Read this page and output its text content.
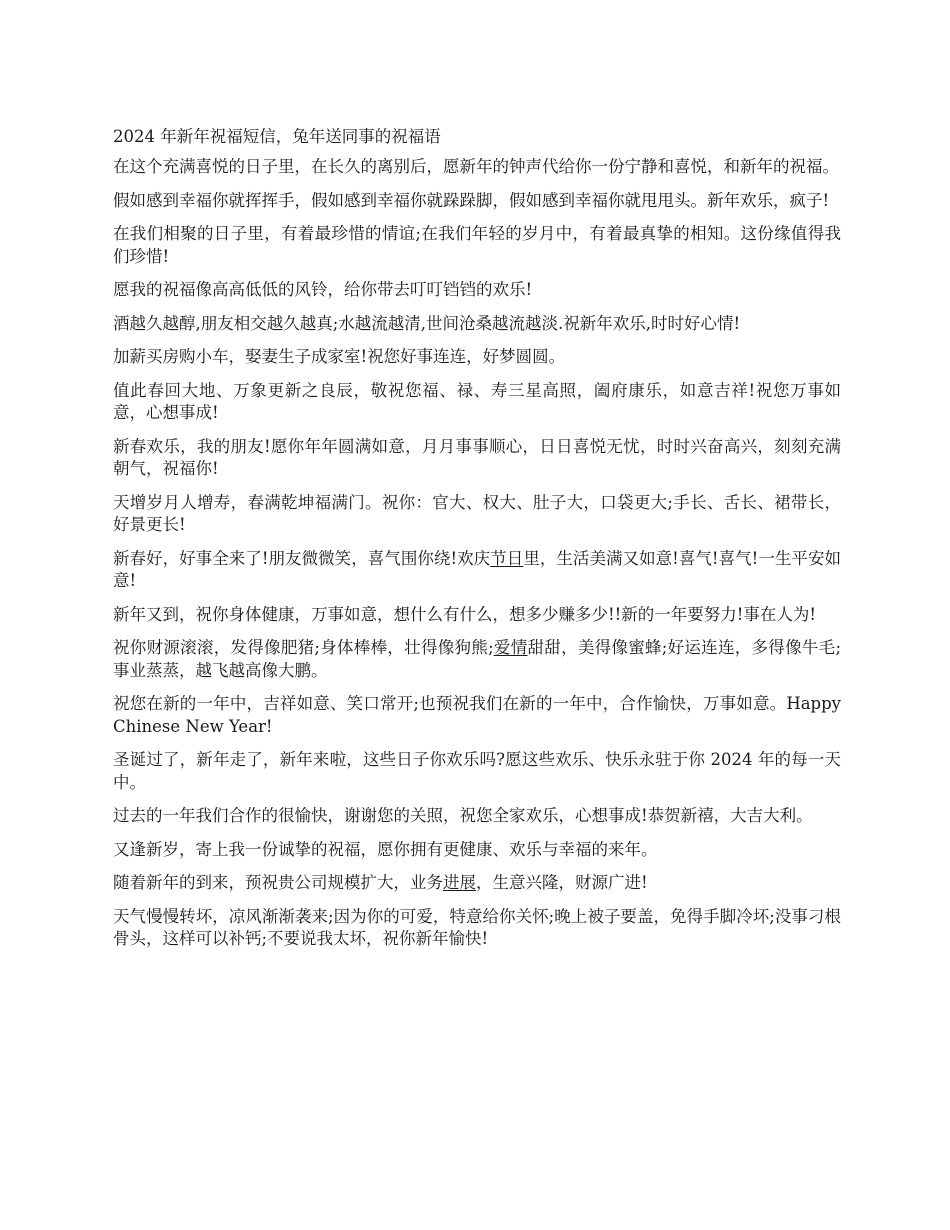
2024 年新年祝福短信，兔年送同事的祝福语

在这个充满喜悦的日子里，在长久的离别后，愿新年的钟声代给你一份宁静和喜悦，和新年的祝福。

假如感到幸福你就挥挥手，假如感到幸福你就跺跺脚，假如感到幸福你就甩甩头。新年欢乐，疯子!

在我们相聚的日子里，有着最珍惜的情谊;在我们年轻的岁月中，有着最真挚的相知。这份缘值得我们珍惜!

愿我的祝福像高高低低的风铃，给你带去叮叮铛铛的欢乐!

酒越久越醇,朋友相交越久越真;水越流越清,世间沧桑越流越淡.祝新年欢乐,时时好心情!

加薪买房购小车，娶妻生子成家室!祝您好事连连，好梦圆圆。

值此春回大地、万象更新之良辰，敬祝您福、禄、寿三星高照，阖府康乐，如意吉祥!祝您万事如意，心想事成!

新春欢乐，我的朋友!愿你年年圆满如意，月月事事顺心，日日喜悦无忧，时时兴奋高兴，刻刻充满朝气，祝福你!

天增岁月人增寿，春满乾坤福满门。祝你：官大、权大、肚子大，口袋更大;手长、舌长、裙带长，好景更长!

新春好，好事全来了!朋友微微笑，喜气围你绕!欢庆节日里，生活美满又如意!喜气!喜气!一生平安如意!

新年又到，祝你身体健康，万事如意，想什么有什么，想多少赚多少!!新的一年要努力!事在人为!

祝你财源滚滚，发得像肥猪;身体棒棒，壮得像狗熊;爱情甜甜，美得像蜜蜂;好运连连，多得像牛毛;事业蒸蒸，越飞越高像大鹏。

祝您在新的一年中，吉祥如意、笑口常开;也预祝我们在新的一年中，合作愉快，万事如意。Happy Chinese New Year!

圣诞过了，新年走了，新年来啦，这些日子你欢乐吗?愿这些欢乐、快乐永驻于你 2024 年的每一天中。

过去的一年我们合作的很愉快，谢谢您的关照，祝您全家欢乐，心想事成!恭贺新禧，大吉大利。

又逢新岁，寄上我一份诚挚的祝福，愿你拥有更健康、欢乐与幸福的来年。

随着新年的到来，预祝贵公司规模扩大，业务进展，生意兴隆，财源广进!

天气慢慢转坏，凉风渐渐袭来;因为你的可爱，特意给你关怀;晚上被子要盖，免得手脚冷坏;没事刁根骨头，这样可以补钙;不要说我太坏，祝你新年愉快!
